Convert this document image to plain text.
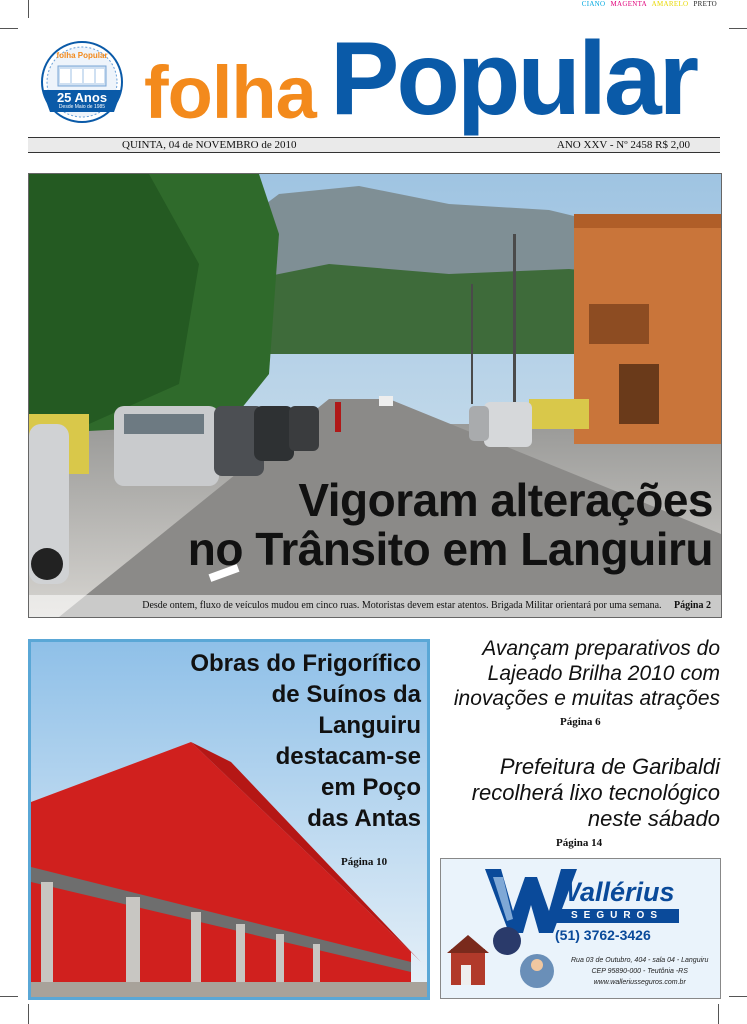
CIANO MAGENTA AMARELO PRETO
folha Popular
25 Anos
Desde Maio de 1985 folha Popular
QUINTA, 04 de NOVEMBRO de 2010	ANO XXV - Nº 2458 R$ 2,00
Vigoram alterações
no Trânsito em Languiru
Desde ontem, fluxo de veículos mudou em cinco ruas. Motoristas devem estar atentos. Brigada Militar orientará por uma semana. Página 2
Obras do Frigorífico
de Suínos da
Languiru
destacam-se
em Poço
das Antas
Página 10
Avançam preparativos do
Lajeado Brilha 2010 com
inovações e muitas atrações
Página 6
Prefeitura de Garibaldi
recolherá lixo tecnológico
neste sábado
Página 14
Wallérius
SEGUROS
(51) 3762-3426
Rua 03 de Outubro, 404 - sala 04 - Languiru
CEP 95890-000 - Teutônia -RS
www.walleriusseguros.com.br
